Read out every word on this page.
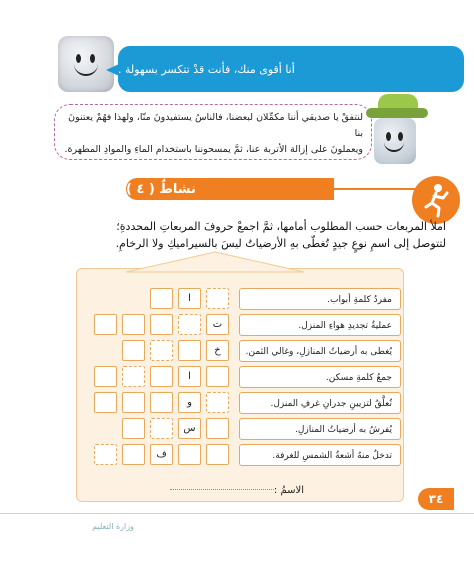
أنا أقوى منك، فأنت قدْ تتكسر بسهولة .
لنتفقْ يا صديقي أننا مكمِّلان لبعضنا، فالناسُ يستفيدونَ منّا، ولهذا فهُمْ يعتنونَ بنا
ويعملونَ على إزالة الأتربة عنا، ثمَّ يمسحوننا باستخدام الماءِ والموادِ المطهرة.
نشاطٌ ( ٤ )
املأ المربعات حسب المطلوب أمامها، ثمَّ اجمعْ حروفَ المربعاتِ المحددةِ؛
لتتوصل إلى اسمِ نوعٍ جيدٍ تُغطّى بهِ الأرضياتُ ليسَ بالسيراميكِ ولا الرخامِ.
مفردُ كلمةِ أبواب.
عمليةُ تجديدِ هواءِ المنزل.
يُغطى به أرضياتُ المنازلِ، وغالي الثمن.
جمعُ كلمةِ مسكن.
تُعلَّقُ لتزيينِ جدرانِ غرفِ المنزل.
يُفرشُ به أرضياتُ المنازلِ.
تدخلُ منهُ أشعةُ الشمسِ للغرفة.
ا
ت
خ
ا
و
س
ف
الاسمُ :
٣٤
وزارة التعليم
